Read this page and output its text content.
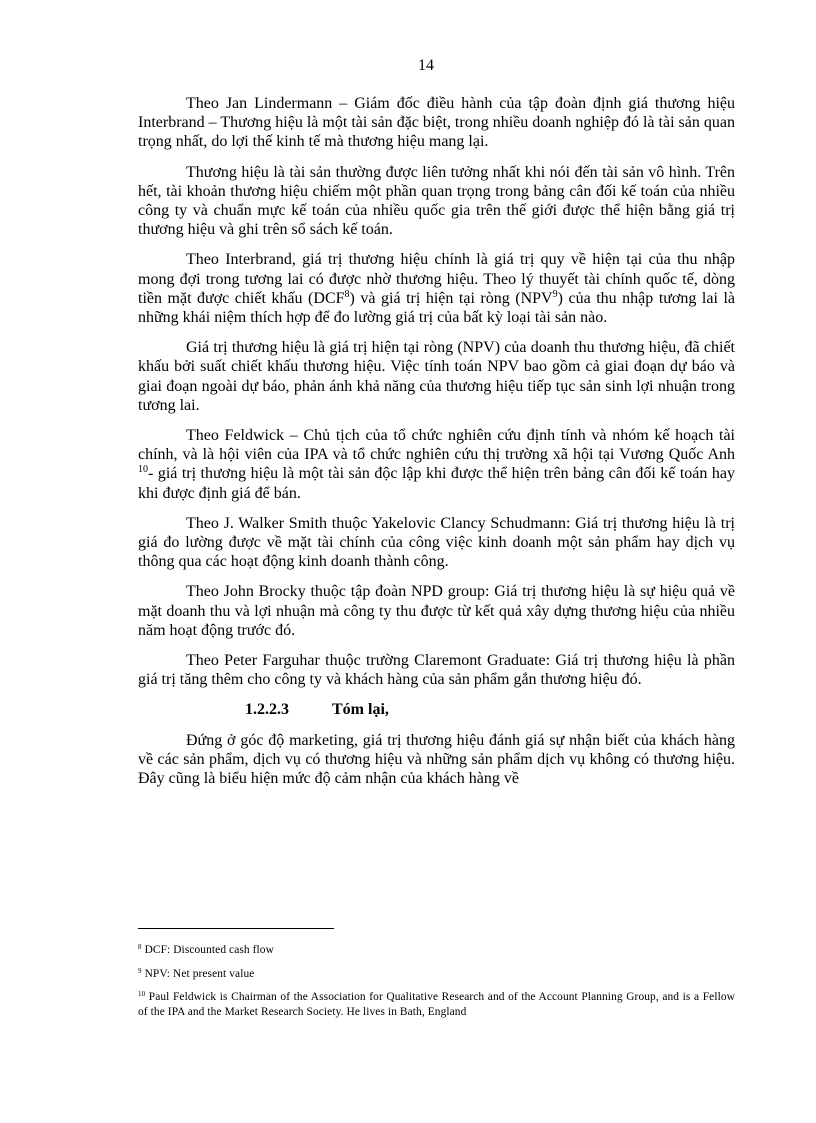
14

Theo Jan Lindermann – Giám đốc điều hành của tập đoàn định giá thương hiệu Interbrand – Thương hiệu là một tài sản đặc biệt, trong nhiều doanh nghiệp đó là tài sản quan trọng nhất, do lợi thế kinh tế mà thương hiệu mang lại.

Thương hiệu là tài sản thường được liên tưởng nhất khi nói đến tài sản vô hình. Trên hết, tài khoản thương hiệu chiếm một phần quan trọng trong bảng cân đối kế toán của nhiều công ty và chuẩn mực kế toán của nhiều quốc gia trên thế giới được thể hiện bằng giá trị thương hiệu và ghi trên sổ sách kế toán.

Theo Interbrand, giá trị thương hiệu chính là giá trị quy về hiện tại của thu nhập mong đợi trong tương lai có được nhờ thương hiệu. Theo lý thuyết tài chính quốc tế, dòng tiền mặt được chiết khấu (DCF$^8$) và giá trị hiện tại ròng (NPV$^9$) của thu nhập tương lai là những khái niệm thích hợp để đo lường giá trị của bất kỳ loại tài sản nào.

Giá trị thương hiệu là giá trị hiện tại ròng (NPV) của doanh thu thương hiệu, đã chiết khấu bởi suất chiết khấu thương hiệu. Việc tính toán NPV bao gồm cả giai đoạn dự báo và giai đoạn ngoài dự báo, phản ánh khả năng của thương hiệu tiếp tục sản sinh lợi nhuận trong tương lai.

Theo Feldwick – Chủ tịch của tổ chức nghiên cứu định tính và nhóm kế hoạch tài chính, và là hội viên của IPA và tổ chức nghiên cứu thị trường xã hội tại Vương Quốc Anh $^{10}$- giá trị thương hiệu là một tài sản độc lập khi được thể hiện trên bảng cân đối kế toán hay khi được định giá để bán.

Theo J. Walker Smith thuộc Yakelovic Clancy Schudmann: Giá trị thương hiệu là trị giá đo lường được về mặt tài chính của công việc kinh doanh một sản phẩm hay dịch vụ thông qua các hoạt động kinh doanh thành công.

Theo John Brocky thuộc tập đoàn NPD group: Giá trị thương hiệu là sự hiệu quả về mặt doanh thu và lợi nhuận mà công ty thu được từ kết quả xây dựng thương hiệu của nhiều năm hoạt động trước đó.

Theo Peter Farguhar thuộc trường Claremont Graduate: Giá trị thương hiệu là phần giá trị tăng thêm cho công ty và khách hàng của sản phẩm gắn thương hiệu đó.

1.2.2.3	Tóm lại,

Đứng ở góc độ marketing, giá trị thương hiệu đánh giá sự nhận biết của khách hàng về các sản phẩm, dịch vụ có thương hiệu và những sản phẩm dịch vụ không có thương hiệu. Đây cũng là biểu hiện mức độ cảm nhận của khách hàng về

$^8$ DCF: Discounted cash flow

$^9$ NPV: Net present value

$^{10}$ Paul Feldwick is Chairman of the Association for Qualitative Research and of the Account Planning Group, and is a Fellow of the IPA and the Market Research Society. He lives in Bath, England
